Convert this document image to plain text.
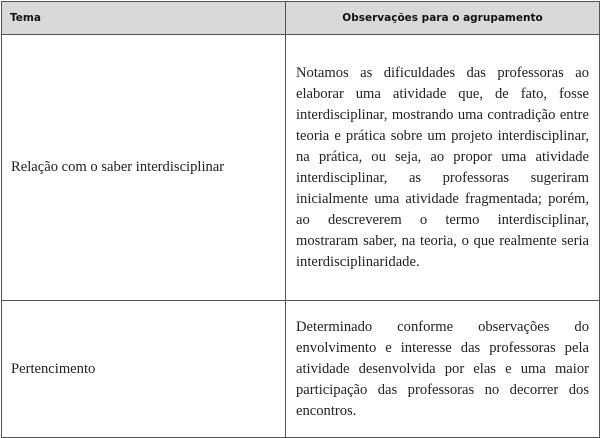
Tema	Observações para o agrupamento
Relação com o saber interdisciplinar	Notamos as dificuldades das professoras ao elaborar uma atividade que, de fato, fosse interdisciplinar, mostrando uma contradição entre teoria e prática sobre um projeto interdisciplinar, na prática, ou seja, ao propor uma atividade interdisciplinar, as professoras sugeriram inicialmente uma atividade fragmentada; porém, ao descreverem o termo interdisciplinar, mostraram saber, na teoria, o que realmente seria interdisciplinaridade.
Pertencimento	Determinado conforme observações do envolvimento e interesse das professoras pela atividade desenvolvida por elas e uma maior participação das professoras no decorrer dos encontros.
